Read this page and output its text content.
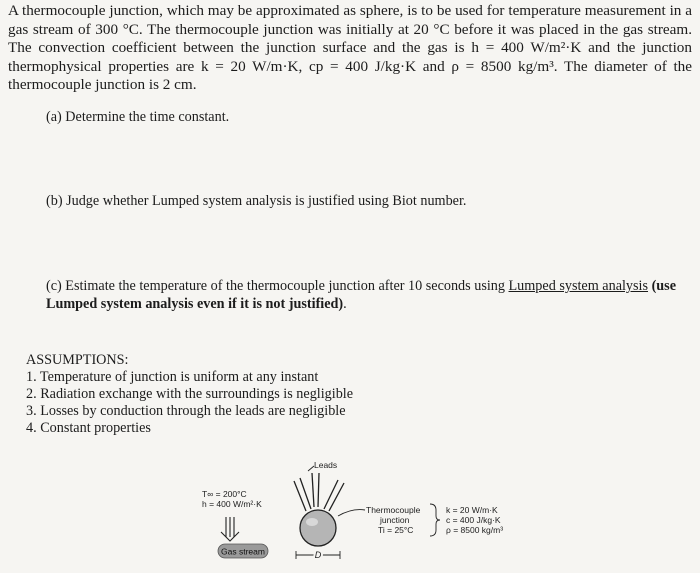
A thermocouple junction, which may be approximated as sphere, is to be used for temperature measurement in a gas stream of 300 °C. The thermocouple junction was initially at 20 °C before it was placed in the gas stream. The convection coefficient between the junction surface and the gas is h = 400 W/m²·K and the junction thermophysical properties are k = 20 W/m·K, cp = 400 J/kg·K and ρ = 8500 kg/m³. The diameter of the thermocouple junction is 2 cm.
(a) Determine the time constant.
(b) Judge whether Lumped system analysis is justified using Biot number.
(c) Estimate the temperature of the thermocouple junction after 10 seconds using Lumped system analysis (use Lumped system analysis even if it is not justified).
ASSUMPTIONS:
1. Temperature of junction is uniform at any instant
2. Radiation exchange with the surroundings is negligible
3. Losses by conduction through the leads are negligible
4. Constant properties
Leads
D
T∞ = 200°C
h = 400 W/m²·K
Gas stream
Thermocouple
junction
Ti = 25°C
k = 20 W/m·K
c = 400 J/kg·K
ρ = 8500 kg/m³
